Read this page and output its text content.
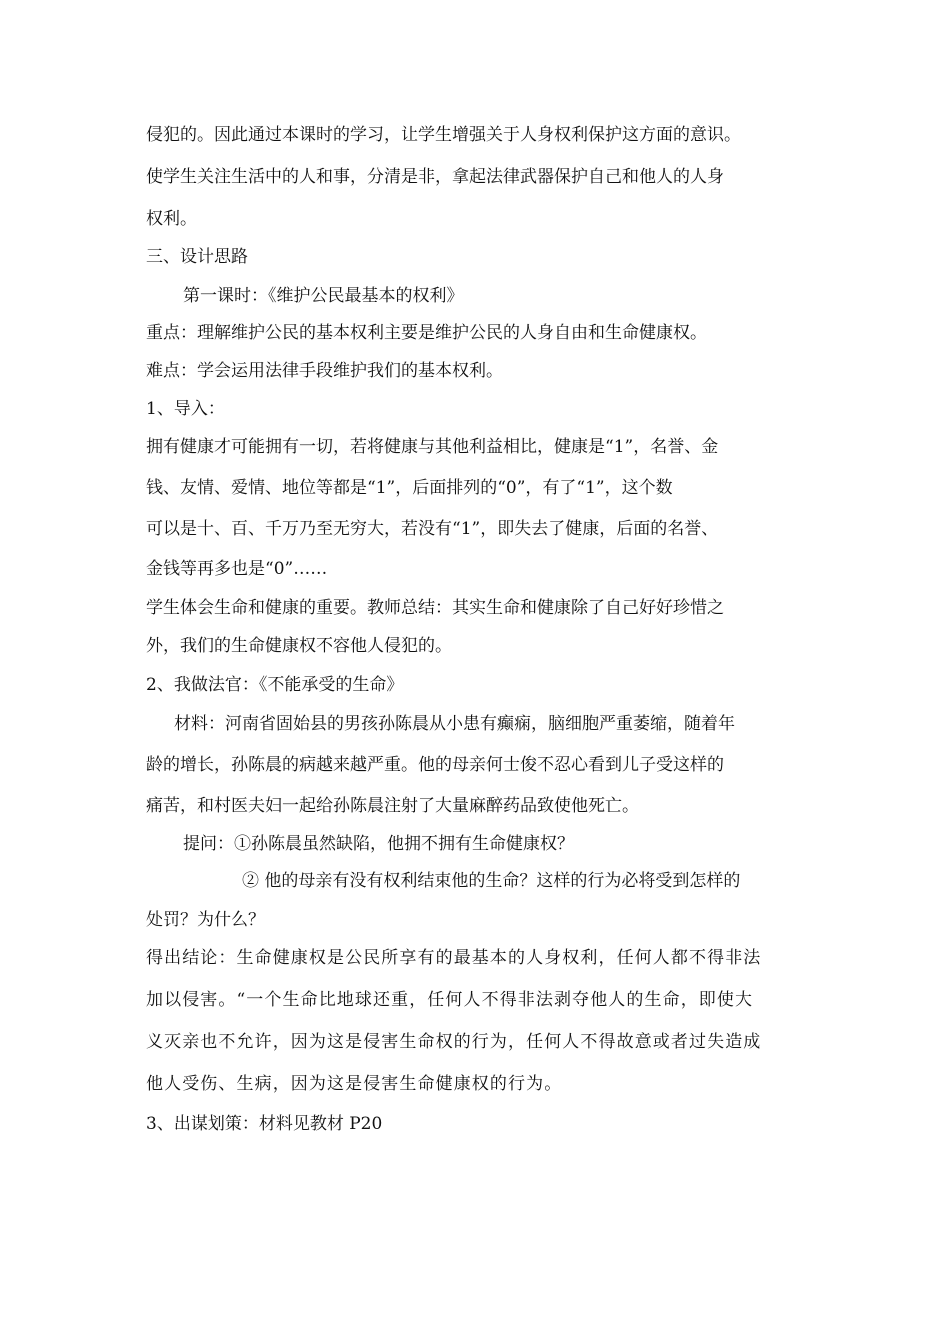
侵犯的。因此通过本课时的学习，让学生增强关于人身权利保护这方面的意识。
使学生关注生活中的人和事，分清是非，拿起法律武器保护自己和他人的人身
权利。
三、设计思路
第一课时：《维护公民最基本的权利》
重点：理解维护公民的基本权利主要是维护公民的人身自由和生命健康权。
难点：学会运用法律手段维护我们的基本权利。
1、导入：
拥有健康才可能拥有一切，若将健康与其他利益相比，健康是“1”，名誉、金
钱、友情、爱情、地位等都是“1”，后面排列的“0”，有了“1”，这个数
可以是十、百、千万乃至无穷大，若没有“1”，即失去了健康，后面的名誉、
金钱等再多也是“0”……
学生体会生命和健康的重要。教师总结：其实生命和健康除了自己好好珍惜之
外，我们的生命健康权不容他人侵犯的。
2、我做法官：《不能承受的生命》
材料：河南省固始县的男孩孙陈晨从小患有癫痫，脑细胞严重萎缩，随着年
龄的增长，孙陈晨的病越来越严重。他的母亲何士俊不忍心看到儿子受这样的
痛苦，和村医夫妇一起给孙陈晨注射了大量麻醉药品致使他死亡。
提问：①孙陈晨虽然缺陷，他拥不拥有生命健康权？
② 他的母亲有没有权利结束他的生命？这样的行为必将受到怎样的
处罚？为什么？
得出结论：生命健康权是公民所享有的最基本的人身权利，任何人都不得非法
加以侵害。“一个生命比地球还重，任何人不得非法剥夺他人的生命，即使大
义灭亲也不允许，因为这是侵害生命权的行为，任何人不得故意或者过失造成
他人受伤、生病，因为这是侵害生命健康权的行为。
3、出谋划策：材料见教材 P20
